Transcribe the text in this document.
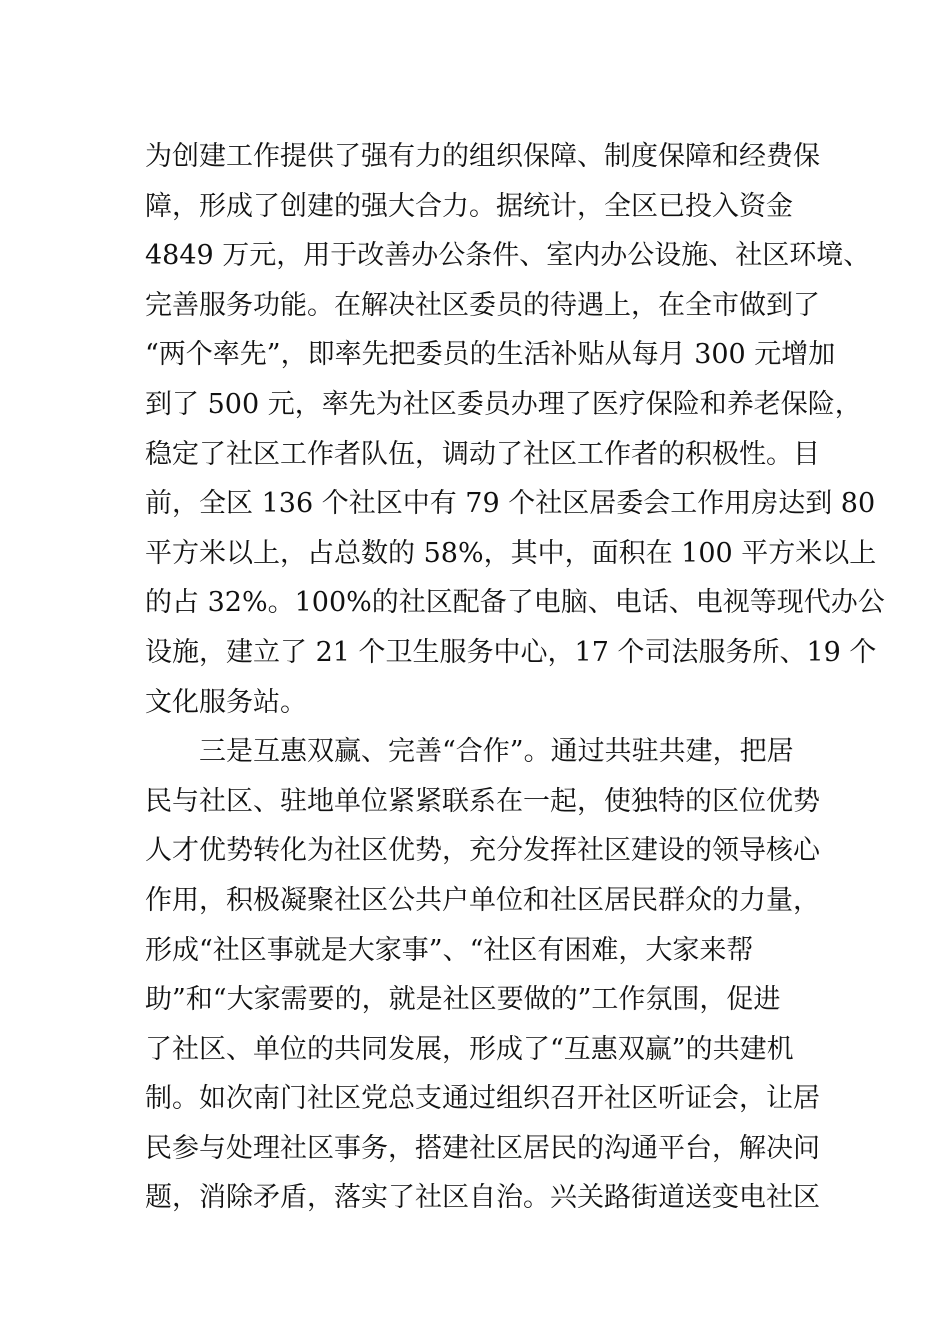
为创建工作提供了强有力的组织保障、制度保障和经费保
障，形成了创建的强大合力。据统计，全区已投入资金
4849 万元，用于改善办公条件、室内办公设施、社区环境、
完善服务功能。在解决社区委员的待遇上，在全市做到了
“两个率先”，即率先把委员的生活补贴从每月 300 元增加
到了 500 元，率先为社区委员办理了医疗保险和养老保险，
稳定了社区工作者队伍，调动了社区工作者的积极性。目
前，全区 136 个社区中有 79 个社区居委会工作用房达到 80
平方米以上，占总数的 58%，其中，面积在 100 平方米以上
的占 32%。100%的社区配备了电脑、电话、电视等现代办公
设施，建立了 21 个卫生服务中心，17 个司法服务所、19 个
文化服务站。
三是互惠双赢、完善“合作”。通过共驻共建，把居
民与社区、驻地单位紧紧联系在一起，使独特的区位优势
人才优势转化为社区优势，充分发挥社区建设的领导核心
作用，积极凝聚社区公共户单位和社区居民群众的力量，
形成“社区事就是大家事”、“社区有困难，大家来帮
助”和“大家需要的，就是社区要做的”工作氛围，促进
了社区、单位的共同发展，形成了“互惠双赢”的共建机
制。如次南门社区党总支通过组织召开社区听证会，让居
民参与处理社区事务，搭建社区居民的沟通平台，解决问
题，消除矛盾，落实了社区自治。兴关路街道送变电社区
